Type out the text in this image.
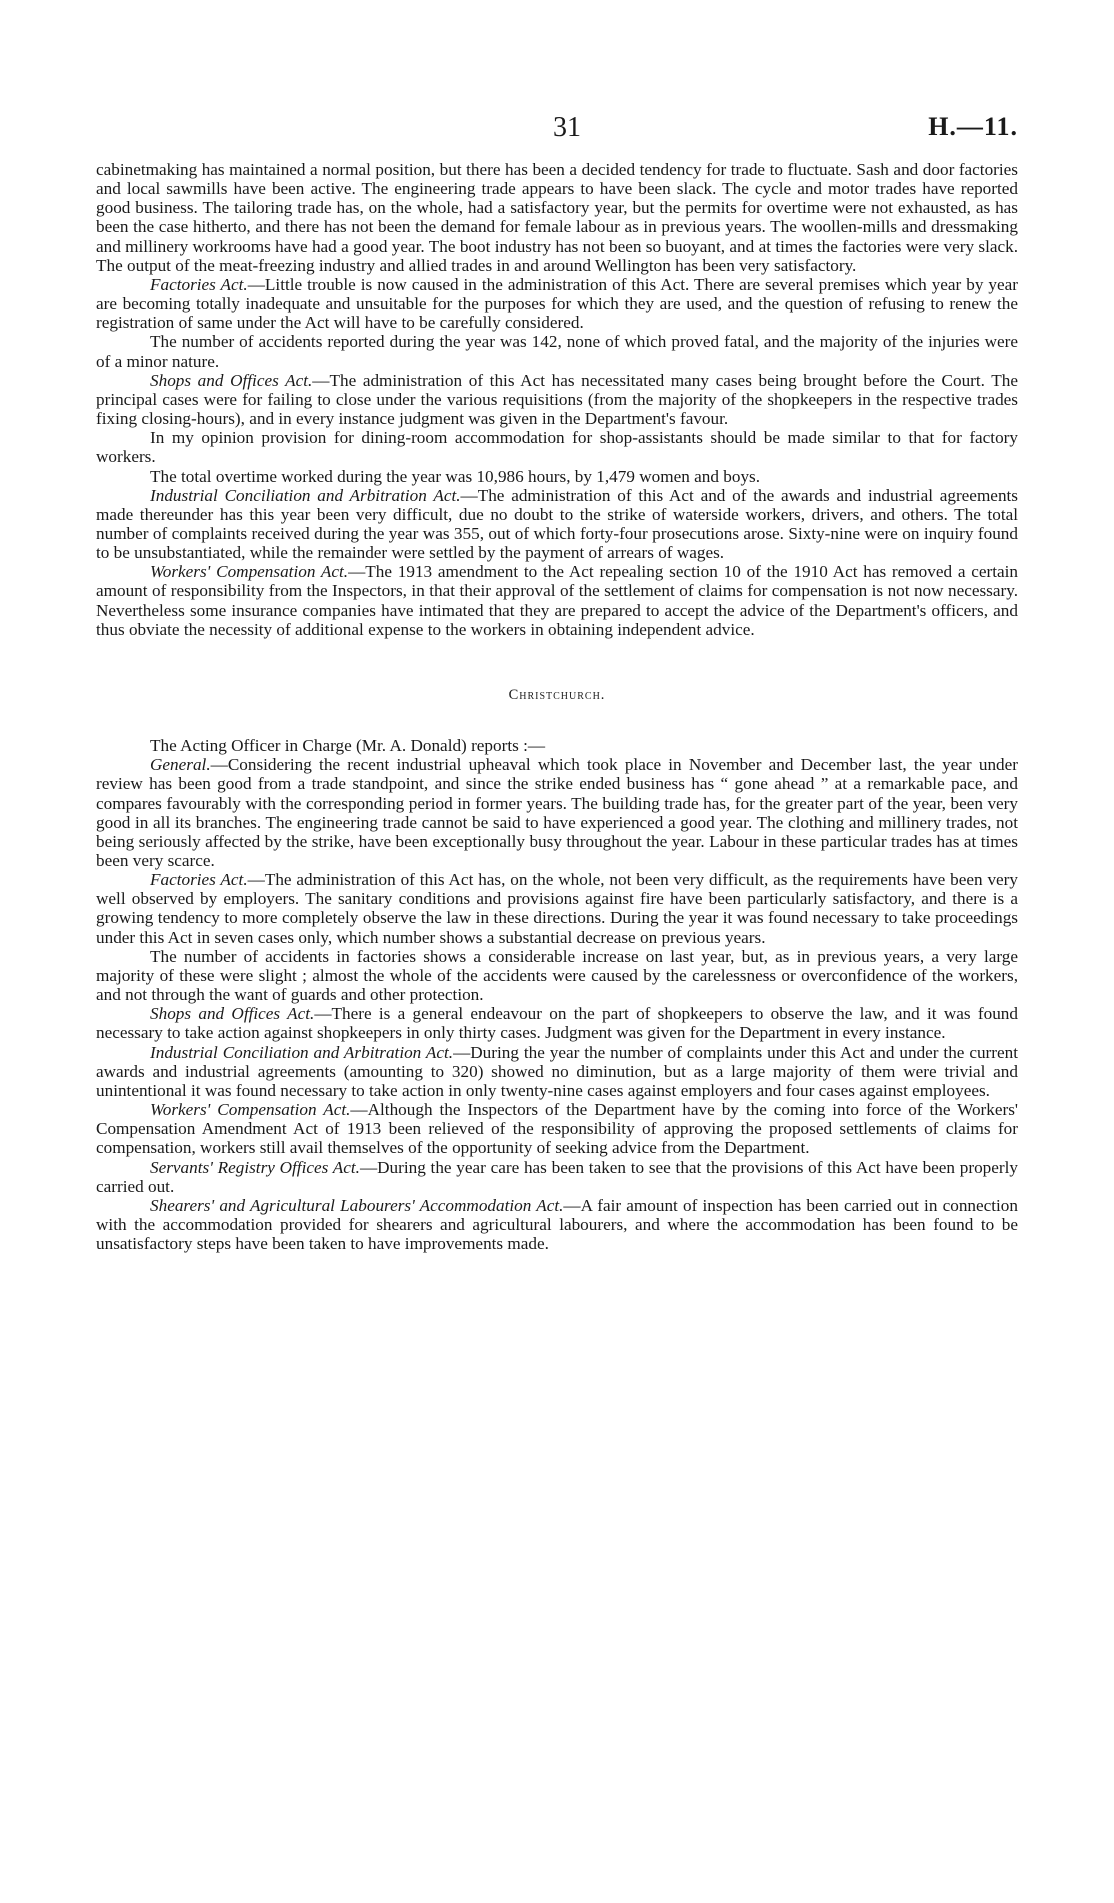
31	H.—11.

cabinetmaking has maintained a normal position, but there has been a decided tendency for trade to fluctuate. Sash and door factories and local sawmills have been active. The engineering trade appears to have been slack. The cycle and motor trades have reported good business. The tailoring trade has, on the whole, had a satisfactory year, but the permits for overtime were not exhausted, as has been the case hitherto, and there has not been the demand for female labour as in previous years. The woollen-mills and dressmaking and millinery workrooms have had a good year. The boot industry has not been so buoyant, and at times the factories were very slack. The output of the meat-freezing industry and allied trades in and around Wellington has been very satisfactory.

Factories Act.—Little trouble is now caused in the administration of this Act. There are several premises which year by year are becoming totally inadequate and unsuitable for the purposes for which they are used, and the question of refusing to renew the registration of same under the Act will have to be carefully considered.

The number of accidents reported during the year was 142, none of which proved fatal, and the majority of the injuries were of a minor nature.

Shops and Offices Act.—The administration of this Act has necessitated many cases being brought before the Court. The principal cases were for failing to close under the various requisitions (from the majority of the shopkeepers in the respective trades fixing closing-hours), and in every instance judgment was given in the Department's favour.

In my opinion provision for dining-room accommodation for shop-assistants should be made similar to that for factory workers.

The total overtime worked during the year was 10,986 hours, by 1,479 women and boys.

Industrial Conciliation and Arbitration Act.—The administration of this Act and of the awards and industrial agreements made thereunder has this year been very difficult, due no doubt to the strike of waterside workers, drivers, and others. The total number of complaints received during the year was 355, out of which forty-four prosecutions arose. Sixty-nine were on inquiry found to be unsubstantiated, while the remainder were settled by the payment of arrears of wages.

Workers' Compensation Act.—The 1913 amendment to the Act repealing section 10 of the 1910 Act has removed a certain amount of responsibility from the Inspectors, in that their approval of the settlement of claims for compensation is not now necessary. Nevertheless some insurance companies have intimated that they are prepared to accept the advice of the Department's officers, and thus obviate the necessity of additional expense to the workers in obtaining independent advice.

Christchurch.

The Acting Officer in Charge (Mr. A. Donald) reports :—

General.—Considering the recent industrial upheaval which took place in November and December last, the year under review has been good from a trade standpoint, and since the strike ended business has “ gone ahead ” at a remarkable pace, and compares favourably with the corresponding period in former years. The building trade has, for the greater part of the year, been very good in all its branches. The engineering trade cannot be said to have experienced a good year. The clothing and millinery trades, not being seriously affected by the strike, have been exceptionally busy throughout the year. Labour in these particular trades has at times been very scarce.

Factories Act.—The administration of this Act has, on the whole, not been very difficult, as the requirements have been very well observed by employers. The sanitary conditions and provisions against fire have been particularly satisfactory, and there is a growing tendency to more completely observe the law in these directions. During the year it was found necessary to take proceedings under this Act in seven cases only, which number shows a substantial decrease on previous years.

The number of accidents in factories shows a considerable increase on last year, but, as in previous years, a very large majority of these were slight ; almost the whole of the accidents were caused by the carelessness or overconfidence of the workers, and not through the want of guards and other protection.

Shops and Offices Act.—There is a general endeavour on the part of shopkeepers to observe the law, and it was found necessary to take action against shopkeepers in only thirty cases. Judgment was given for the Department in every instance.

Industrial Conciliation and Arbitration Act.—During the year the number of complaints under this Act and under the current awards and industrial agreements (amounting to 320) showed no diminution, but as a large majority of them were trivial and unintentional it was found necessary to take action in only twenty-nine cases against employers and four cases against employees.

Workers' Compensation Act.—Although the Inspectors of the Department have by the coming into force of the Workers' Compensation Amendment Act of 1913 been relieved of the responsibility of approving the proposed settlements of claims for compensation, workers still avail themselves of the opportunity of seeking advice from the Department.

Servants' Registry Offices Act.—During the year care has been taken to see that the provisions of this Act have been properly carried out.

Shearers' and Agricultural Labourers' Accommodation Act.—A fair amount of inspection has been carried out in connection with the accommodation provided for shearers and agricultural labourers, and where the accommodation has been found to be unsatisfactory steps have been taken to have improvements made.
